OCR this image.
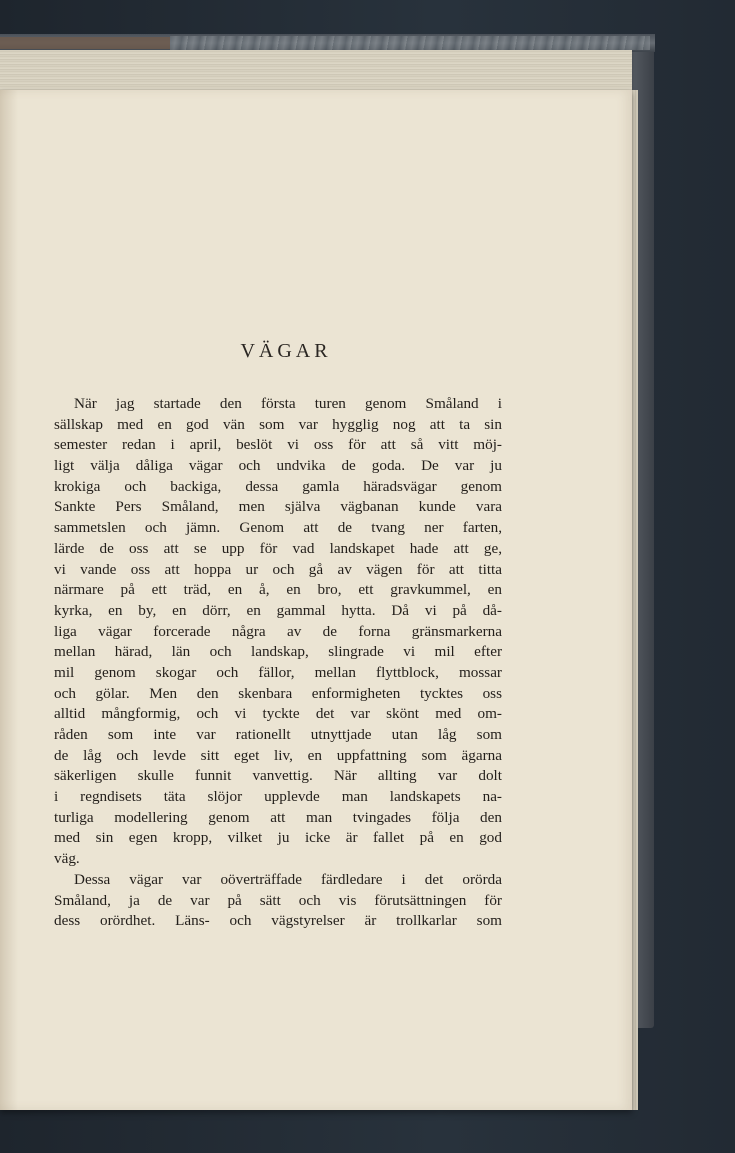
VÄGAR
När jag startade den första turen genom Småland i
sällskap med en god vän som var hygglig nog att ta sin
semester redan i april, beslöt vi oss för att så vitt möj-
ligt välja dåliga vägar och undvika de goda. De var ju
krokiga och backiga, dessa gamla häradsvägar genom
Sankte Pers Småland, men själva vägbanan kunde vara
sammetslen och jämn. Genom att de tvang ner farten,
lärde de oss att se upp för vad landskapet hade att ge,
vi vande oss att hoppa ur och gå av vägen för att titta
närmare på ett träd, en å, en bro, ett gravkummel, en
kyrka, en by, en dörr, en gammal hytta. Då vi på då-
liga vägar forcerade några av de forna gränsmarkerna
mellan härad, län och landskap, slingrade vi mil efter
mil genom skogar och fällor, mellan flyttblock, mossar
och gölar. Men den skenbara enformigheten tycktes oss
alltid mångformig, och vi tyckte det var skönt med om-
råden som inte var rationellt utnyttjade utan låg som
de låg och levde sitt eget liv, en uppfattning som ägarna
säkerligen skulle funnit vanvettig. När allting var dolt
i regndisets täta slöjor upplevde man landskapets na-
turliga modellering genom att man tvingades följa den
med sin egen kropp, vilket ju icke är fallet på en god
väg.
Dessa vägar var oöverträffade färdledare i det orörda
Småland, ja de var på sätt och vis förutsättningen för
dess orördhet. Läns- och vägstyrelser är trollkarlar som
